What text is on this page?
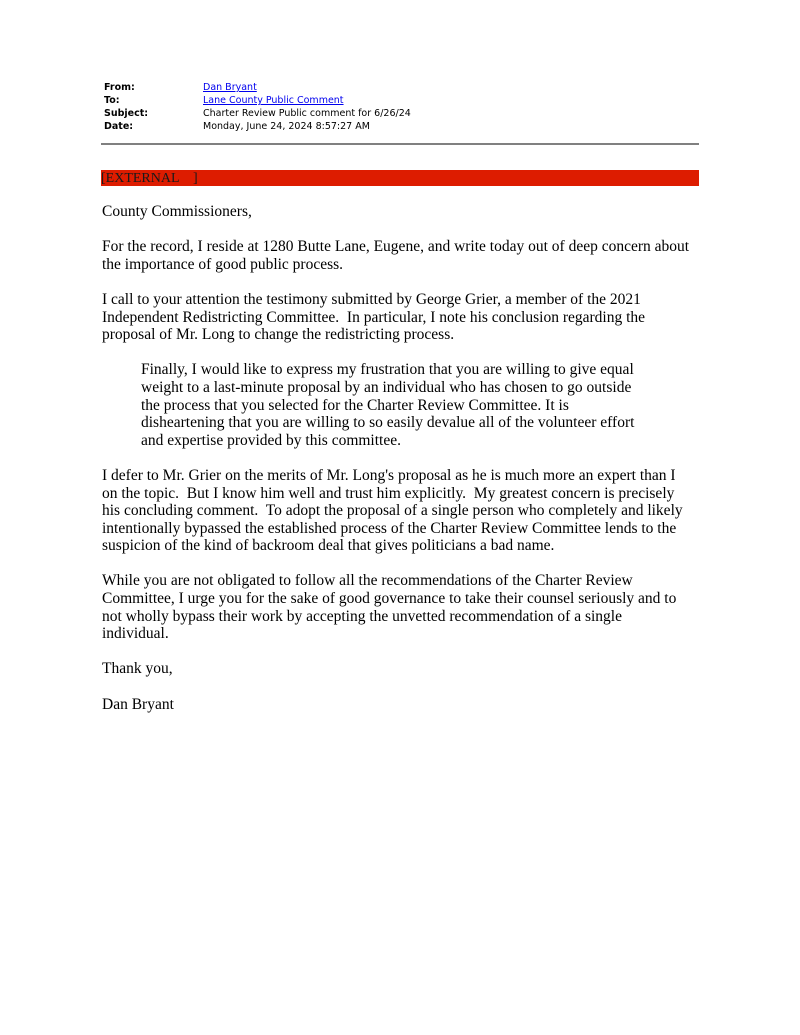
From:	Dan Bryant
To:	Lane County Public Comment
Subject:	Charter Review Public comment for 6/26/24
Date:	Monday, June 24, 2024 8:57:27 AM
[EXTERNAL    ]

County Commissioners,

For the record, I reside at 1280 Butte Lane, Eugene, and write today out of deep concern about
the importance of good public process.

I call to your attention the testimony submitted by George Grier, a member of the 2021
Independent Redistricting Committee.  In particular, I note his conclusion regarding the
proposal of Mr. Long to change the redistricting process.

Finally, I would like to express my frustration that you are willing to give equal
weight to a last-minute proposal by an individual who has chosen to go outside
the process that you selected for the Charter Review Committee. It is
disheartening that you are willing to so easily devalue all of the volunteer effort
and expertise provided by this committee.

I defer to Mr. Grier on the merits of Mr. Long's proposal as he is much more an expert than I
on the topic.  But I know him well and trust him explicitly.  My greatest concern is precisely
his concluding comment.  To adopt the proposal of a single person who completely and likely
intentionally bypassed the established process of the Charter Review Committee lends to the
suspicion of the kind of backroom deal that gives politicians a bad name.

While you are not obligated to follow all the recommendations of the Charter Review
Committee, I urge you for the sake of good governance to take their counsel seriously and to
not wholly bypass their work by accepting the unvetted recommendation of a single
individual.

Thank you,

Dan Bryant
